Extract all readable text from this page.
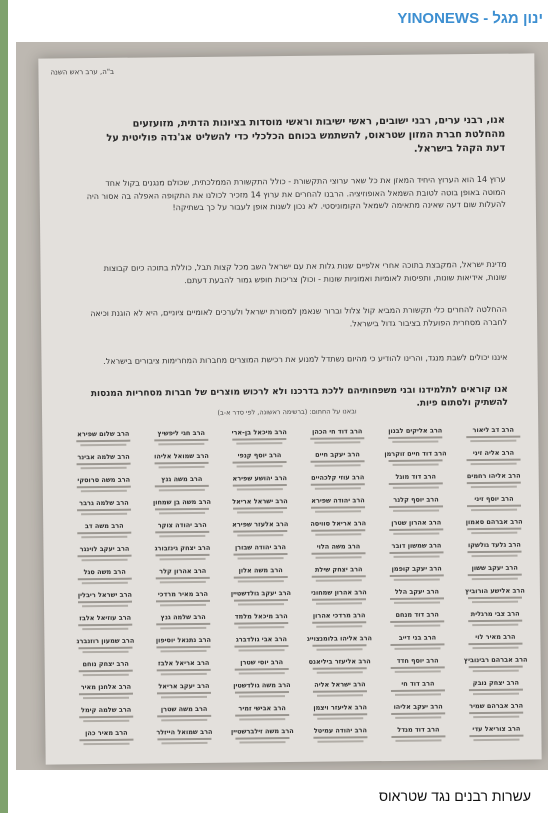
ינון מגל - YINONEWS
ב"ה, ערב ראש השנה
אנו, רבני ערים, רבני ישובים, ראשי ישיבות וראשי מוסדות בציונות הדתית, מזועזעים מהחלטת חברת המזון שטראוס, להשתמש בכוחם הכלכלי כדי להשליט אג'נדה פוליטית על דעת הקהל בישראל.
ערוץ 14 הוא הערוץ היחיד המאזן את כל שאר ערוצי התקשורת - כולל התקשורת הממלכתית, שכולם מנגנים בקול אחד המוטה באופן בוטה לטובת השמאל האופוזיציה. הרבנו להחרים את ערוץ 14 מזכיר לכולנו את התקופה האפלה בה אסור היה להעלות שום דעה שאינה מתאימה לשמאל הקומוניסטי. לא נכון לשנות אופן לעבור על כך בשתיקה!
מדינת ישראל, המקבצת בתוכה אחרי אלפיים שנות גלות את עם ישראל השב מכל קצות תבל, כוללת בתוכה כיום קבוצות שונות, אידיאות שונות, ותפיסות לאומיות ואמוניות שונות - וכולן צריכות חופש גמור להבעת דעתם.
ההחלטה להחרים כלי תקשורת המביא קול צלול וברור שנאמן למסורת ישראל ולערכים לאומיים ציוניים, היא לא הוגנת וכיאה לחברה מסחרית הפועלת בציבור גדול בישראל.
איננו יכולים לשבת מנגד, והרינו להודיע כי מהיום נשתדל למנוע את רכישת המוצרים מחברות המחרימות ציבורים בישראל.
אנו קוראים לתלמידנו ובני משפחותיהם ללכת בדרכנו ולא לרכוש מוצרים של חברות מסחריות המנסות להשתיק ולסתום פיות.
ובאנו על החתום: (ברשימה ראשונה, לפי סדר א-ב)
הרב דב ליאור
הרב אליקים לבנון
הרב דוד חי הכהן
הרב מיכאל בן-ארי
הרב חגי ליפשיץ
הרב שלום שפירא
הרב אליה זיני
הרב דוד חיים זוקרמן
הרב יעקב חיים
הרב יוסף קנפי
הרב שמואל אליהו
הרב שלמה אבינר
הרב אליהו רחמים
הרב דוד מוגל
הרב עוזי קלכהיים
הרב יהושע שפירא
הרב משה גנץ
הרב משה סרוסקי
הרב יוסף זיני
הרב יוסף קלנר
הרב יהודה שפירא
הרב ישראל אריאל
הרב משה בן שמחון
הרב שלמה גרבר
הרב אברהם סאמון
הרב אהרון שטרן
הרב אריאל סוויסה
הרב אלעזר שפירא
הרב יהודה צוקר
הרב משה דב
הרב גלעד גולשקו
הרב שמשון דובר
הרב משה הלוי
הרב יהודה שבורן
הרב יצחק גינזבורג
הרב יעקב לוינגר
הרב יעקב ששון
הרב יעקב קופמן
הרב יצחק שילת
הרב משה אלון
הרב אהרון קלר
הרב משה סגל
הרב אלישע הורוביץ
הרב יעקב הלל
הרב אהרון שמחוני
הרב יעקב גולדשטיין
הרב מאיר מרדכי
הרב ישראל ריבלין
הרב צבי מרגלית
הרב דוד מנחם
הרב מרדכי אהרון
הרב מיכאל מלמד
הרב שלמה גנץ
הרב עוזיאל אלבז
הרב מאיר לוי
הרב בני דייב
הרב אליהו בלומנצוייג
הרב אבי גולדברג
הרב נתנאל יוסיפון
הרב שמעון רוזנברג
הרב אברהם רבינוביץ
הרב יוסף חדד
הרב אליעזר ביליאנס
הרב יוסי שטרן
הרב אריאל אלבז
הרב יצחק נוחם
הרב יצחק נובק
הרב דוד חי
הרב ישראל אליה
הרב משה גולדשטין
הרב יעקב אריאל
הרב אלחנן מאיר
הרב אברהם שמיר
הרב יעקב אליהו
הרב אליעזר ויצמן
הרב אבישי זמיר
הרב משה שטרן
הרב שלמה קימל
הרב צוריאל עדי
הרב דוד מנדל
הרב יהודה עמיטל
הרב משה זילברשטיין
הרב שמואל הייזלר
הרב מאיר כהן
עשרות רבנים נגד שטראוס
